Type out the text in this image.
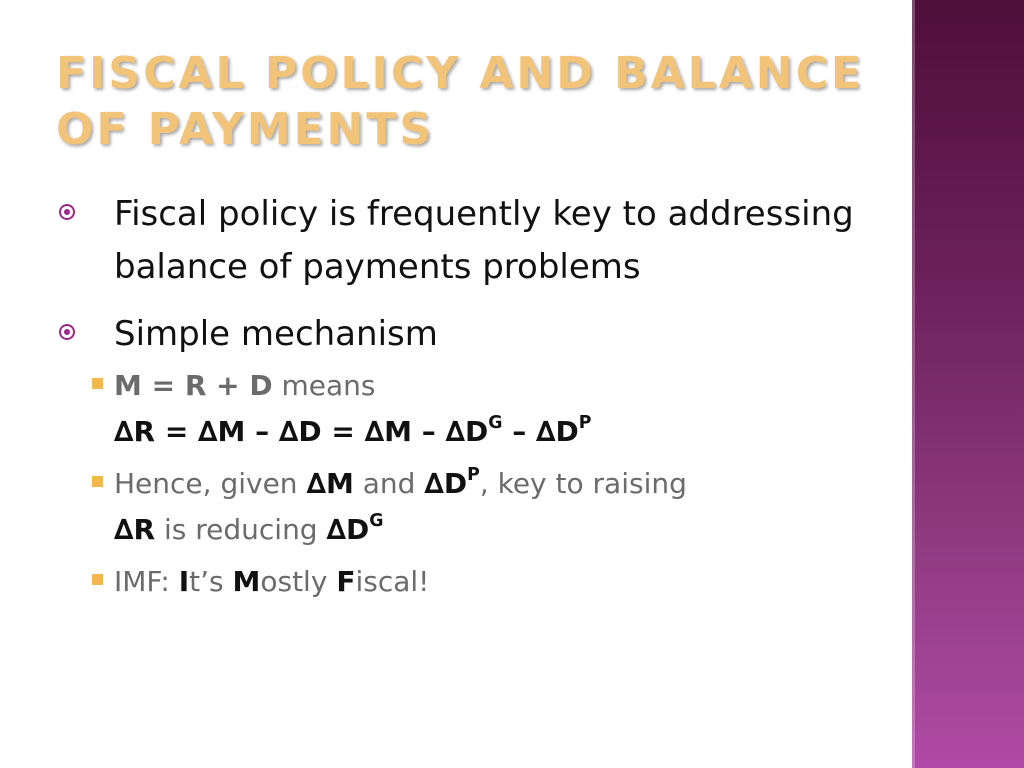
FISCAL POLICY AND BALANCE OF PAYMENTS
Fiscal policy is frequently key to addressing balance of payments problems
Simple mechanism
M = R + D means
$\Delta R = \Delta M - \Delta D = \Delta M - \Delta D^G - \Delta D^P$
Hence, given ∆M and $\Delta D^P$, key to raising
∆R is reducing $\Delta D^G$
IMF: It’s Mostly Fiscal!
